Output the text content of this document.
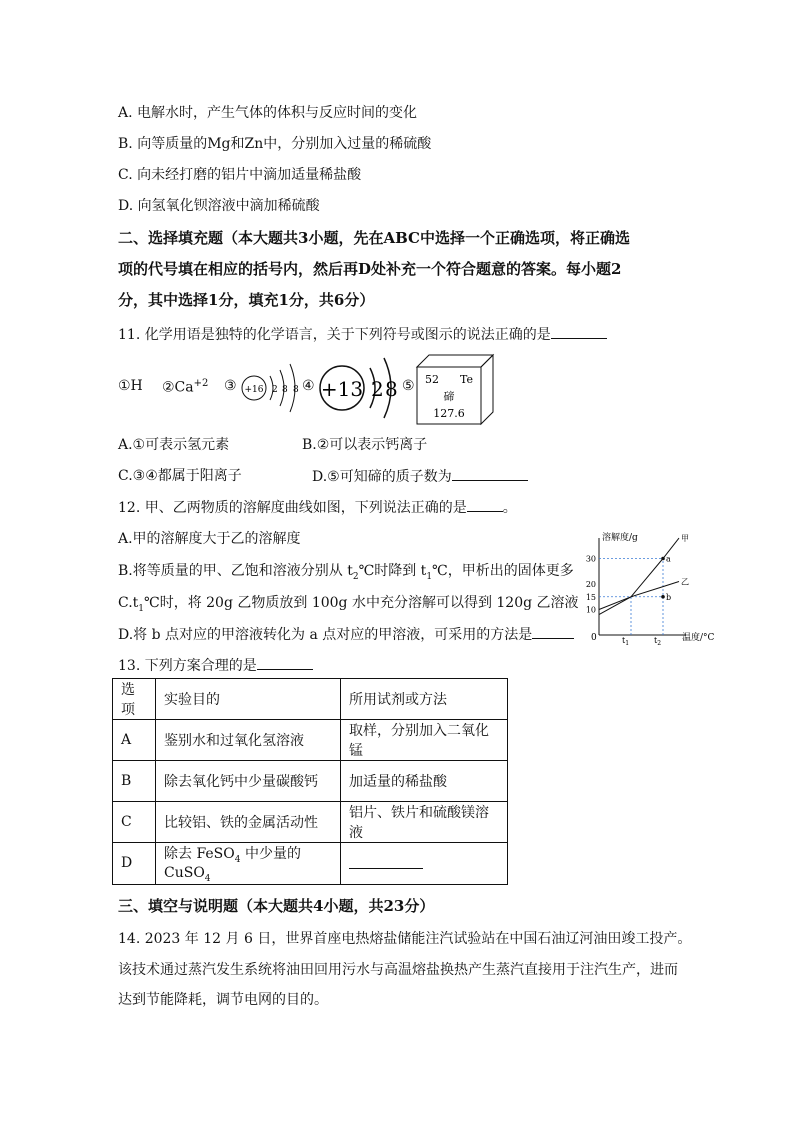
A. 电解水时，产生气体的体积与反应时间的变化
B. 向等质量的Mg和Zn中，分别加入过量的稀硫酸
C. 向未经打磨的铝片中滴加适量稀盐酸
D. 向氢氧化钡溶液中滴加稀硫酸
二、选择填充题（本大题共3小题，先在ABC中选择一个正确选项，将正确选
项的代号填在相应的括号内，然后再D处补充一个符合题意的答案。每小题2
分，其中选择1分，填充1分，共6分）
11. 化学用语是独特的化学语言，关于下列符号或图示的说法正确的是
①H $②Ca^{+2}$ ③ +16 2 8 8 ④ +13 2 8 ⑤ 52 Te
碲
127.6
A.①可表示氢元素	B.②可以表示钙离子
C.③④都属于阳离子	D.⑤可知碲的质子数为
12. 甲、乙两物质的溶解度曲线如图，下列说法正确的是	。
A.甲的溶解度大于乙的溶解度
B.将等质量的甲、乙饱和溶液分别从 $t_2℃$时降到 $t_1℃$，甲析出的固体更多
$C.t_1℃$时，将 20g 乙物质放到 100g 水中充分溶解可以得到 120g 乙溶液
D.将 b 点对应的甲溶液转化为 a 点对应的甲溶液，可采用的方法是
溶解度/g
温度/°C
0
10
15
20
30
甲
乙
a
b
$t_1$	$t_2$
13. 下列方案合理的是
选项	实验目的	所用试剂或方法
A	鉴别水和过氧化氢溶液	取样，分别加入二氧化锰
B	除去氧化钙中少量碳酸钙	加适量的稀盐酸
C	比较铝、铁的金属活动性	铝片、铁片和硫酸镁溶液
D	除去 FeSO$_4$ 中少量的 CuSO$_4$	
三、填空与说明题（本大题共4小题，共23分）
14. 2023 年 12 月 6 日，世界首座电热熔盐储能注汽试验站在中国石油辽河油田竣工投产。
该技术通过蒸汽发生系统将油田回用污水与高温熔盐换热产生蒸汽直接用于注汽生产，进而
达到节能降耗，调节电网的目的。
